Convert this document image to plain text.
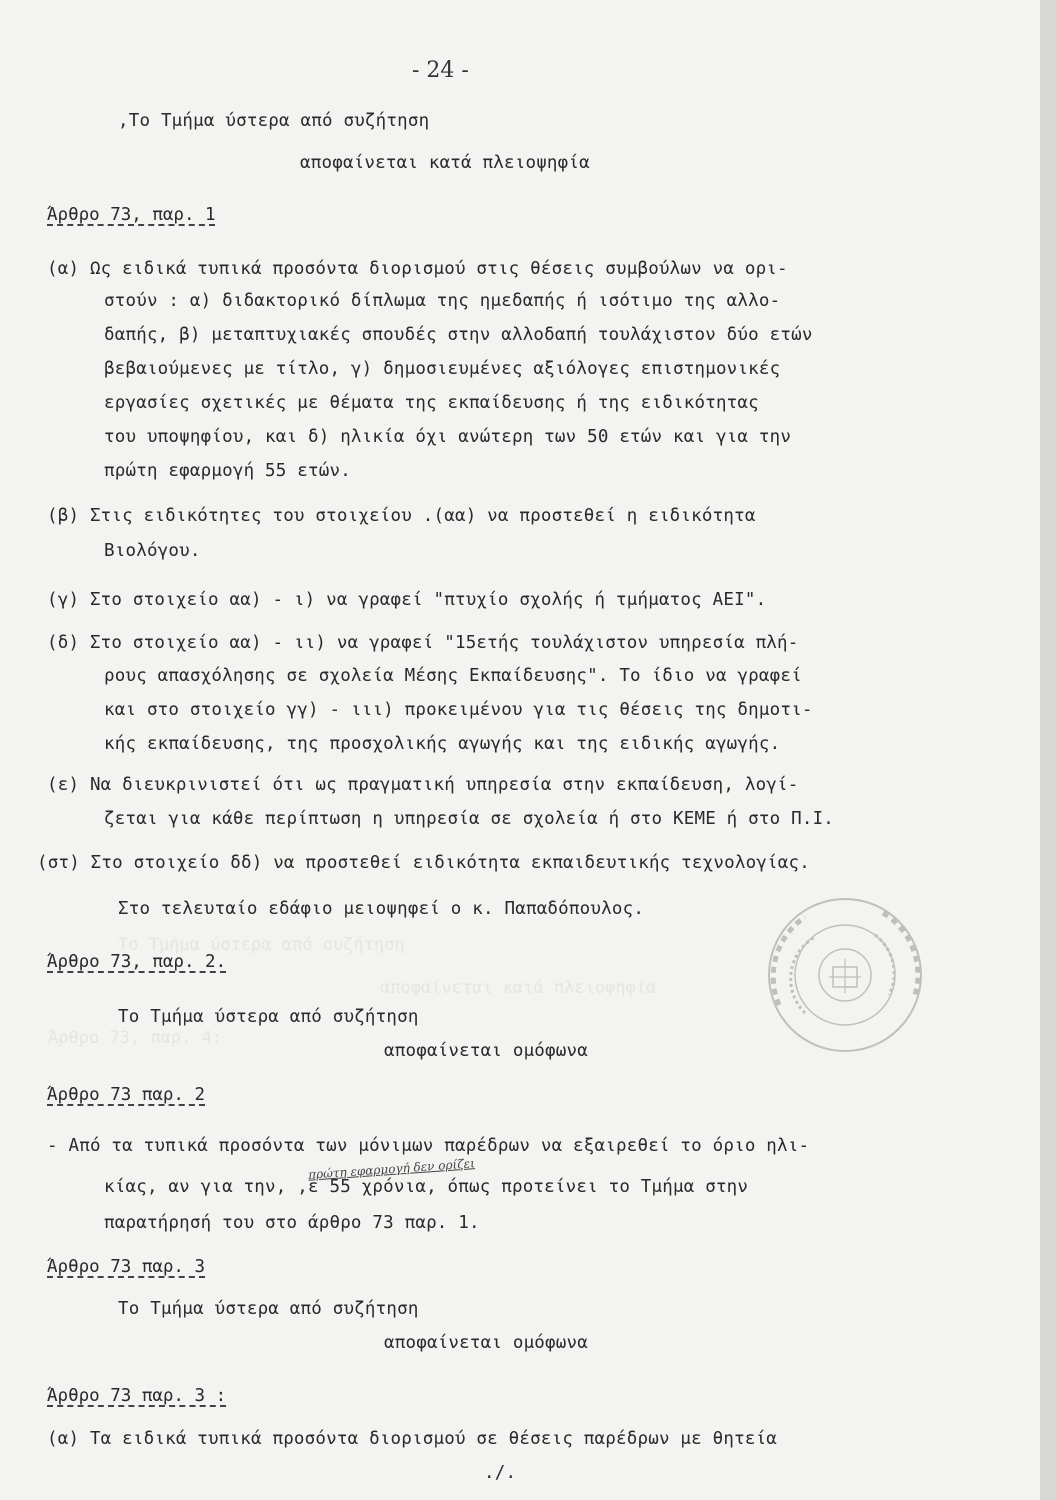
Το Τμήμα ύστερα από συζήτηση
αποφαίνεται κατά πλειοψηφία
Άρθρο 73, παρ. 4:
- 24 -
,Το Τμήμα ύστερα από συζήτηση
αποφαίνεται κατά πλειοψηφία
Άρθρο 73, παρ. 1
(α) Ως ειδικά τυπικά προσόντα διορισμού στις θέσεις συμβούλων να ορι-
στούν : α) διδακτορικό δίπλωμα της ημεδαπής ή ισότιμο της αλλο-
δαπής, β) μεταπτυχιακές σπουδές στην αλλοδαπή τουλάχιστον δύο ετών
βεβαιούμενες με τίτλο, γ) δημοσιευμένες αξιόλογες επιστημονικές
εργασίες σχετικές με θέματα της εκπαίδευσης ή της ειδικότητας
του υποψηφίου, και δ) ηλικία όχι ανώτερη των 50 ετών και για την
πρώτη εφαρμογή 55 ετών.
(β) Στις ειδικότητες του στοιχείου .(αα) να προστεθεί η ειδικότητα
Βιολόγου.
(γ) Στο στοιχείο αα) - ι) να γραφεί "πτυχίο σχολής ή τμήματος ΑΕΙ".
(δ) Στο στοιχείο αα) - ιι) να γραφεί "15ετής τουλάχιστον υπηρεσία πλή-
ρους απασχόλησης σε σχολεία Μέσης Εκπαίδευσης". Το ίδιο να γραφεί
και στο στοιχείο γγ) - ιιι) προκειμένου για τις θέσεις της δημοτι-
κής εκπαίδευσης, της προσχολικής αγωγής και της ειδικής αγωγής.
(ε) Να διευκρινιστεί ότι ως πραγματική υπηρεσία στην εκπαίδευση, λογί-
ζεται για κάθε περίπτωση η υπηρεσία σε σχολεία ή στο ΚΕΜΕ ή στο Π.Ι.
(στ) Στο στοιχείο δδ) να προστεθεί ειδικότητα εκπαιδευτικής τεχνολογίας.
Στο τελευταίο εδάφιο μειοψηφεί ο κ. Παπαδόπουλος.
Άρθρο 73, παρ. 2.
Το Τμήμα ύστερα από συζήτηση
αποφαίνεται ομόφωνα
Άρθρο 73 παρ. 2
- Από τα τυπικά προσόντα των μόνιμων παρέδρων να εξαιρεθεί το όριο ηλι-
πρώτη εφαρμογή δεν ορίζει
κίας, αν για την, ,ε 55 χρόνια, όπως προτείνει το Τμήμα στην
παρατήρησή του στο άρθρο 73 παρ. 1.
Άρθρο 73 παρ. 3
Το Τμήμα ύστερα από συζήτηση
αποφαίνεται ομόφωνα
Άρθρο 73 παρ. 3 :
(α) Τα ειδικά τυπικά προσόντα διορισμού σε θέσεις παρέδρων με θητεία
./.
